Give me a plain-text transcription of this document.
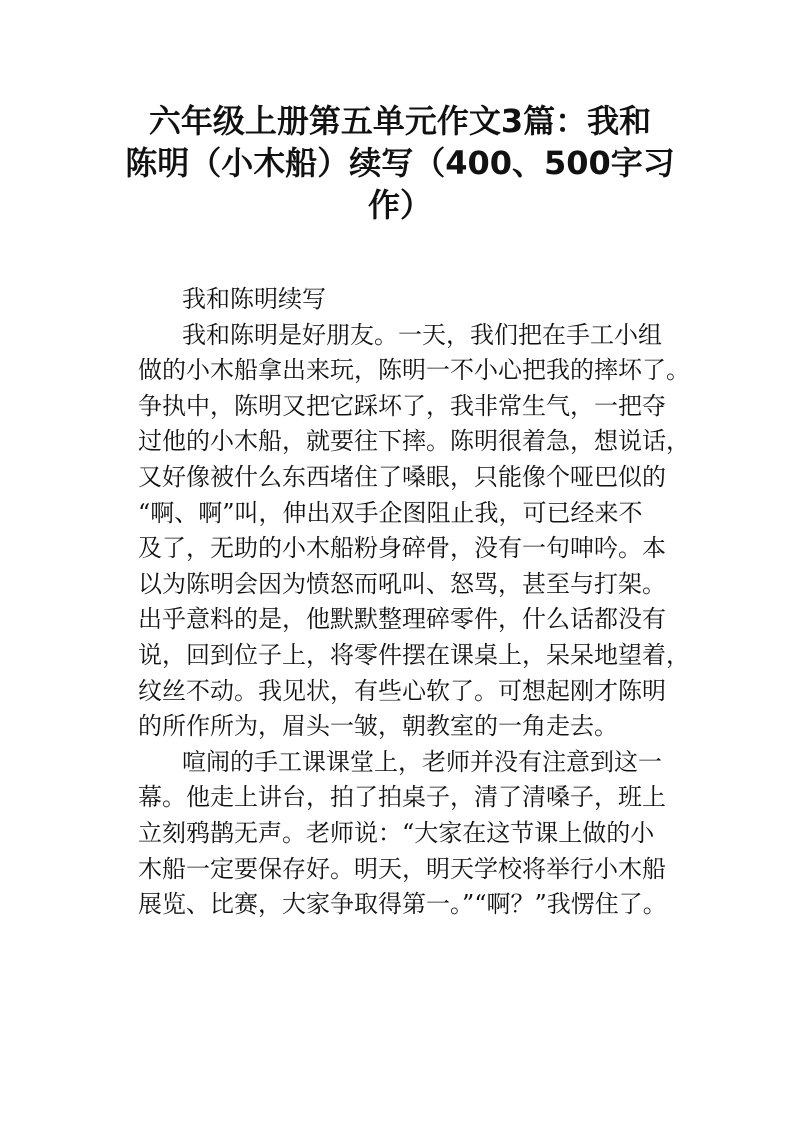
六年级上册第五单元作文3篇：我和
陈明（小木船）续写（400、500字习
作）
我和陈明续写
我和陈明是好朋友。一天，我们把在手工小组
做的小木船拿出来玩，陈明一不小心把我的摔坏了。
争执中，陈明又把它踩坏了，我非常生气，一把夺
过他的小木船，就要往下摔。陈明很着急，想说话，
又好像被什么东西堵住了嗓眼，只能像个哑巴似的
“啊、啊”叫，伸出双手企图阻止我，可已经来不
及了，无助的小木船粉身碎骨，没有一句呻吟。本
以为陈明会因为愤怒而吼叫、怒骂，甚至与打架。
出乎意料的是，他默默整理碎零件，什么话都没有
说，回到位子上，将零件摆在课桌上，呆呆地望着，
纹丝不动。我见状，有些心软了。可想起刚才陈明
的所作所为，眉头一皱，朝教室的一角走去。
喧闹的手工课课堂上，老师并没有注意到这一
幕。他走上讲台，拍了拍桌子，清了清嗓子，班上
立刻鸦鹊无声。老师说：“大家在这节课上做的小
木船一定要保存好。明天，明天学校将举行小木船
展览、比赛，大家争取得第一。”“啊？”我愣住了。
